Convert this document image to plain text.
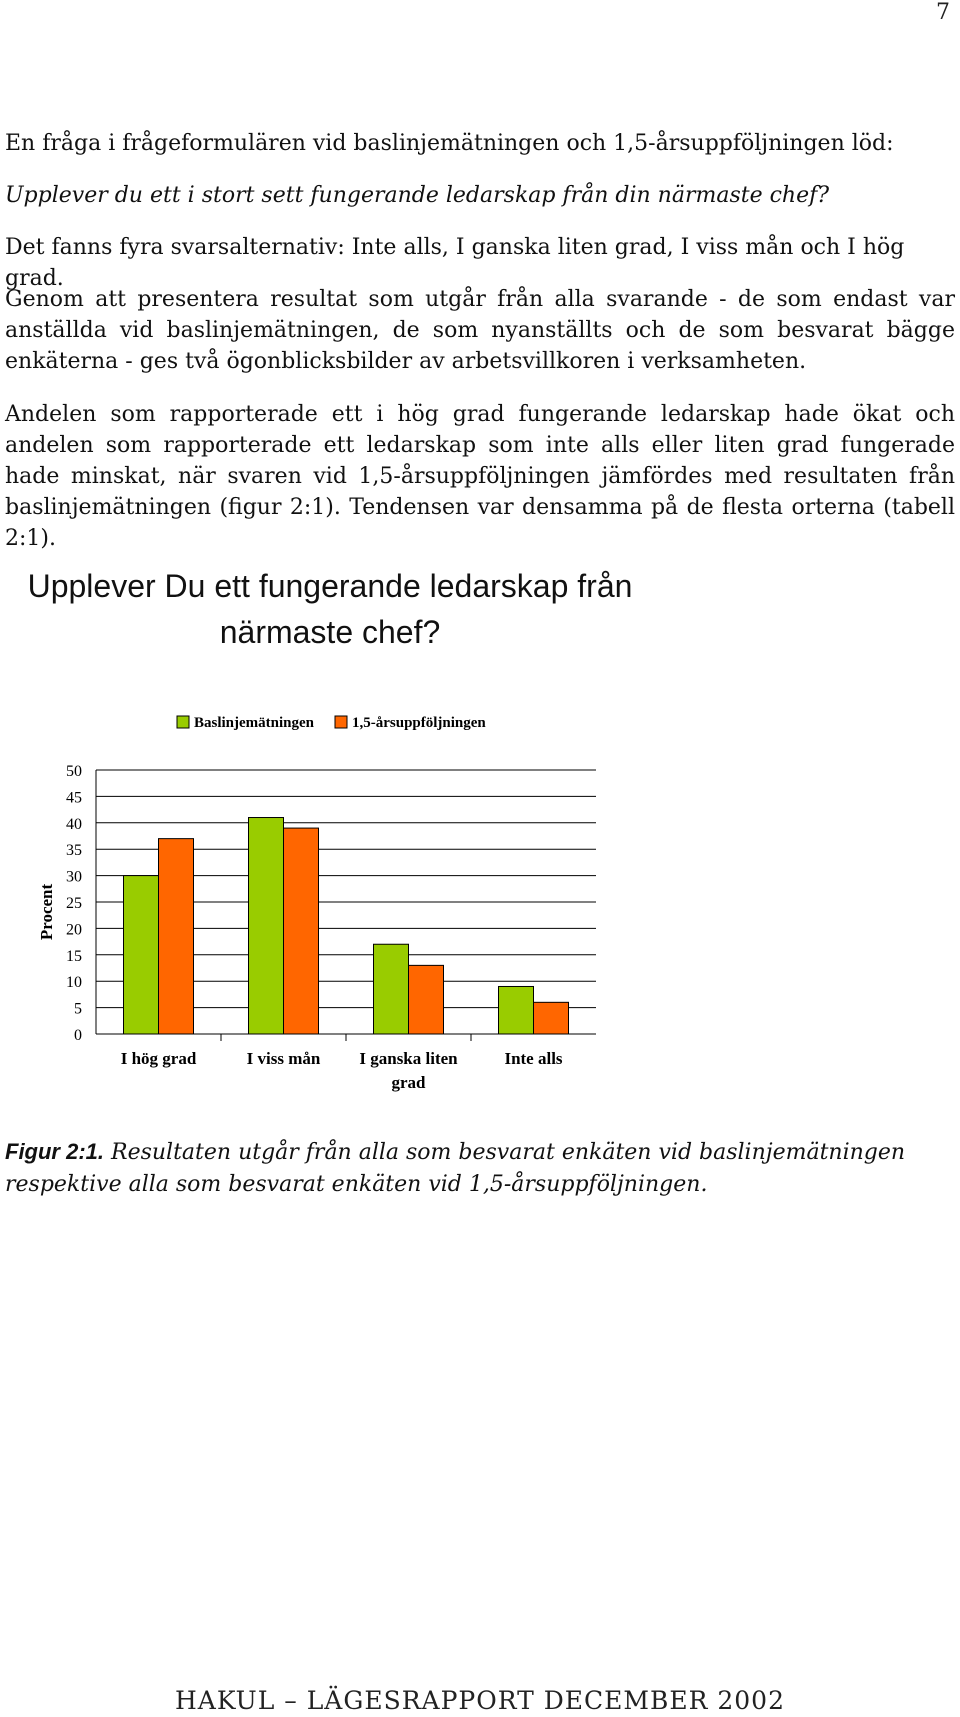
7

En fråga i frågeformulären vid baslinjemätningen och 1,5-årsuppföljningen löd:

Upplever du ett i stort sett fungerande ledarskap från din närmaste chef?

Det fanns fyra svarsalternativ: Inte alls, I ganska liten grad, I viss mån och I hög grad.

Genom att presentera resultat som utgår från alla svarande - de som endast var anställda vid baslinjemätningen, de som nyanställts och de som besvarat bägge enkäterna - ges två ögonblicksbilder av arbetsvillkoren i verksamheten.

Andelen som rapporterade ett i hög grad fungerande ledarskap hade ökat och andelen som rapporterade ett ledarskap som inte alls eller liten grad fungerade hade minskat, när svaren vid 1,5-årsuppföljningen jämfördes med resultaten från baslinjemätningen (figur 2:1). Tendensen var densamma på de flesta orterna (tabell 2:1).

Upplever Du ett fungerande ledarskap från
närmaste chef?
0
5
10
15
20
25
30
35
40
45
50
Procent
I hög grad	I viss mån I ganska liten grad
Inte alls
Baslinjemätningen	1,5-årsuppföljningen
Figur 2:1. Resultaten utgår från alla som besvarat enkäten vid baslinjemätningen respektive alla som besvarat enkäten vid 1,5-årsuppföljningen.
HAKUL – LÄGESRAPPORT DECEMBER 2002
